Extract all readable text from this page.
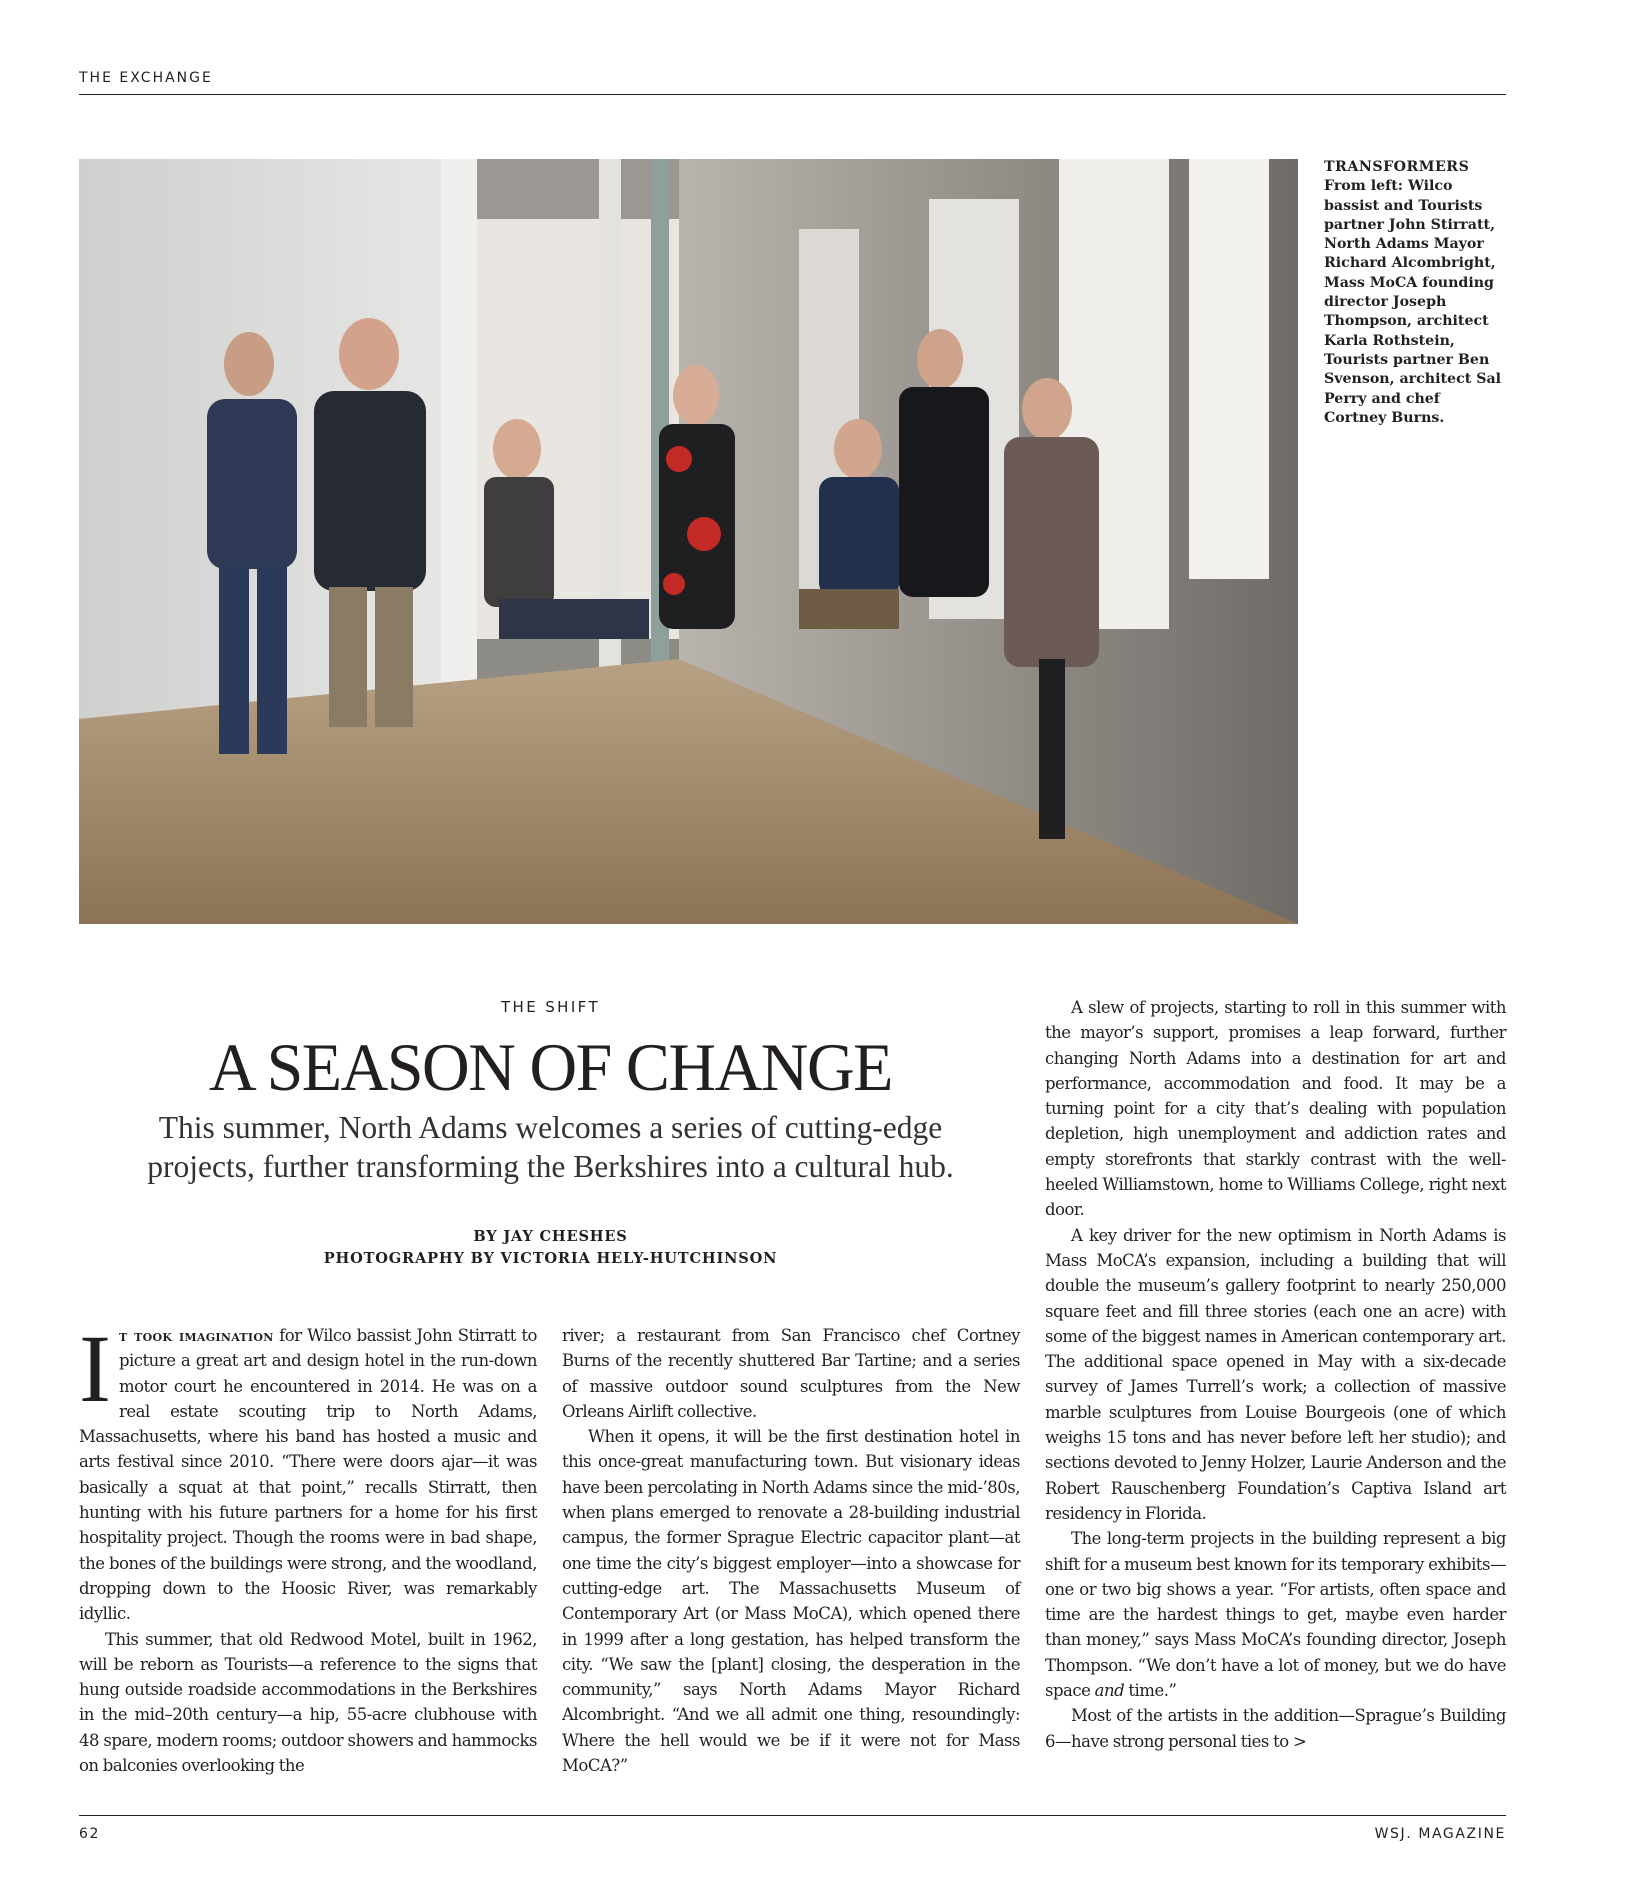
THE EXCHANGE
TRANSFORMERS
From left: Wilco bassist and Tourists partner John Stirratt, North Adams Mayor Richard Alcombright, Mass MoCA founding director Joseph Thompson, architect Karla Rothstein, Tourists partner Ben Svenson, architect Sal Perry and chef Cortney Burns.
THE SHIFT
A SEASON OF CHANGE
This summer, North Adams welcomes a series of cutting-edge projects, further transforming the Berkshires into a cultural hub.
BY JAY CHESHES
PHOTOGRAPHY BY VICTORIA HELY-HUTCHINSON

It took imagination for Wilco bassist John Stirratt to picture a great art and design hotel in the run-down motor court he encountered in 2014. He was on a real estate scouting trip to North Adams, Massachusetts, where his band has hosted a music and arts festival since 2010. “There were doors ajar—it was basically a squat at that point,” recalls Stirratt, then hunting with his future partners for a home for his first hospitality project. Though the rooms were in bad shape, the bones of the buildings were strong, and the woodland, dropping down to the Hoosic River, was remarkably idyllic.

This summer, that old Redwood Motel, built in 1962, will be reborn as Tourists—a reference to the signs that hung outside roadside accommodations in the Berkshires in the mid–20th century—a hip, 55-acre clubhouse with 48 spare, modern rooms; outdoor showers and hammocks on balconies overlooking the

river; a restaurant from San Francisco chef Cortney Burns of the recently shuttered Bar Tartine; and a series of massive outdoor sound sculptures from the New Orleans Airlift collective.

When it opens, it will be the first destination hotel in this once-great manufacturing town. But visionary ideas have been percolating in North Adams since the mid-’80s, when plans emerged to renovate a 28-building industrial campus, the former Sprague Electric capacitor plant—at one time the city’s biggest employer—into a showcase for cutting-edge art. The Massachusetts Museum of Contemporary Art (or Mass MoCA), which opened there in 1999 after a long gestation, has helped transform the city. “We saw the [plant] closing, the desperation in the community,” says North Adams Mayor Richard Alcombright. “And we all admit one thing, resoundingly: Where the hell would we be if it were not for Mass MoCA?”

A slew of projects, starting to roll in this summer with the mayor’s support, promises a leap forward, further changing North Adams into a destination for art and performance, accommodation and food. It may be a turning point for a city that’s dealing with population depletion, high unemployment and addiction rates and empty storefronts that starkly contrast with the well-heeled Williamstown, home to Williams College, right next door.

A key driver for the new optimism in North Adams is Mass MoCA’s expansion, including a building that will double the museum’s gallery footprint to nearly 250,000 square feet and fill three stories (each one an acre) with some of the biggest names in American contemporary art. The additional space opened in May with a six-decade survey of James Turrell’s work; a collection of massive marble sculptures from Louise Bourgeois (one of which weighs 15 tons and has never before left her studio); and sections devoted to Jenny Holzer, Laurie Anderson and the Robert Rauschenberg Foundation’s Captiva Island art residency in Florida.

The long-term projects in the building represent a big shift for a museum best known for its temporary exhibits—one or two big shows a year. “For artists, often space and time are the hardest things to get, maybe even harder than money,” says Mass MoCA’s founding director, Joseph Thompson. “We don’t have a lot of money, but we do have space and time.”

Most of the artists in the addition—Sprague’s Building 6—have strong personal ties to >

62	WSJ. MAGAZINE
